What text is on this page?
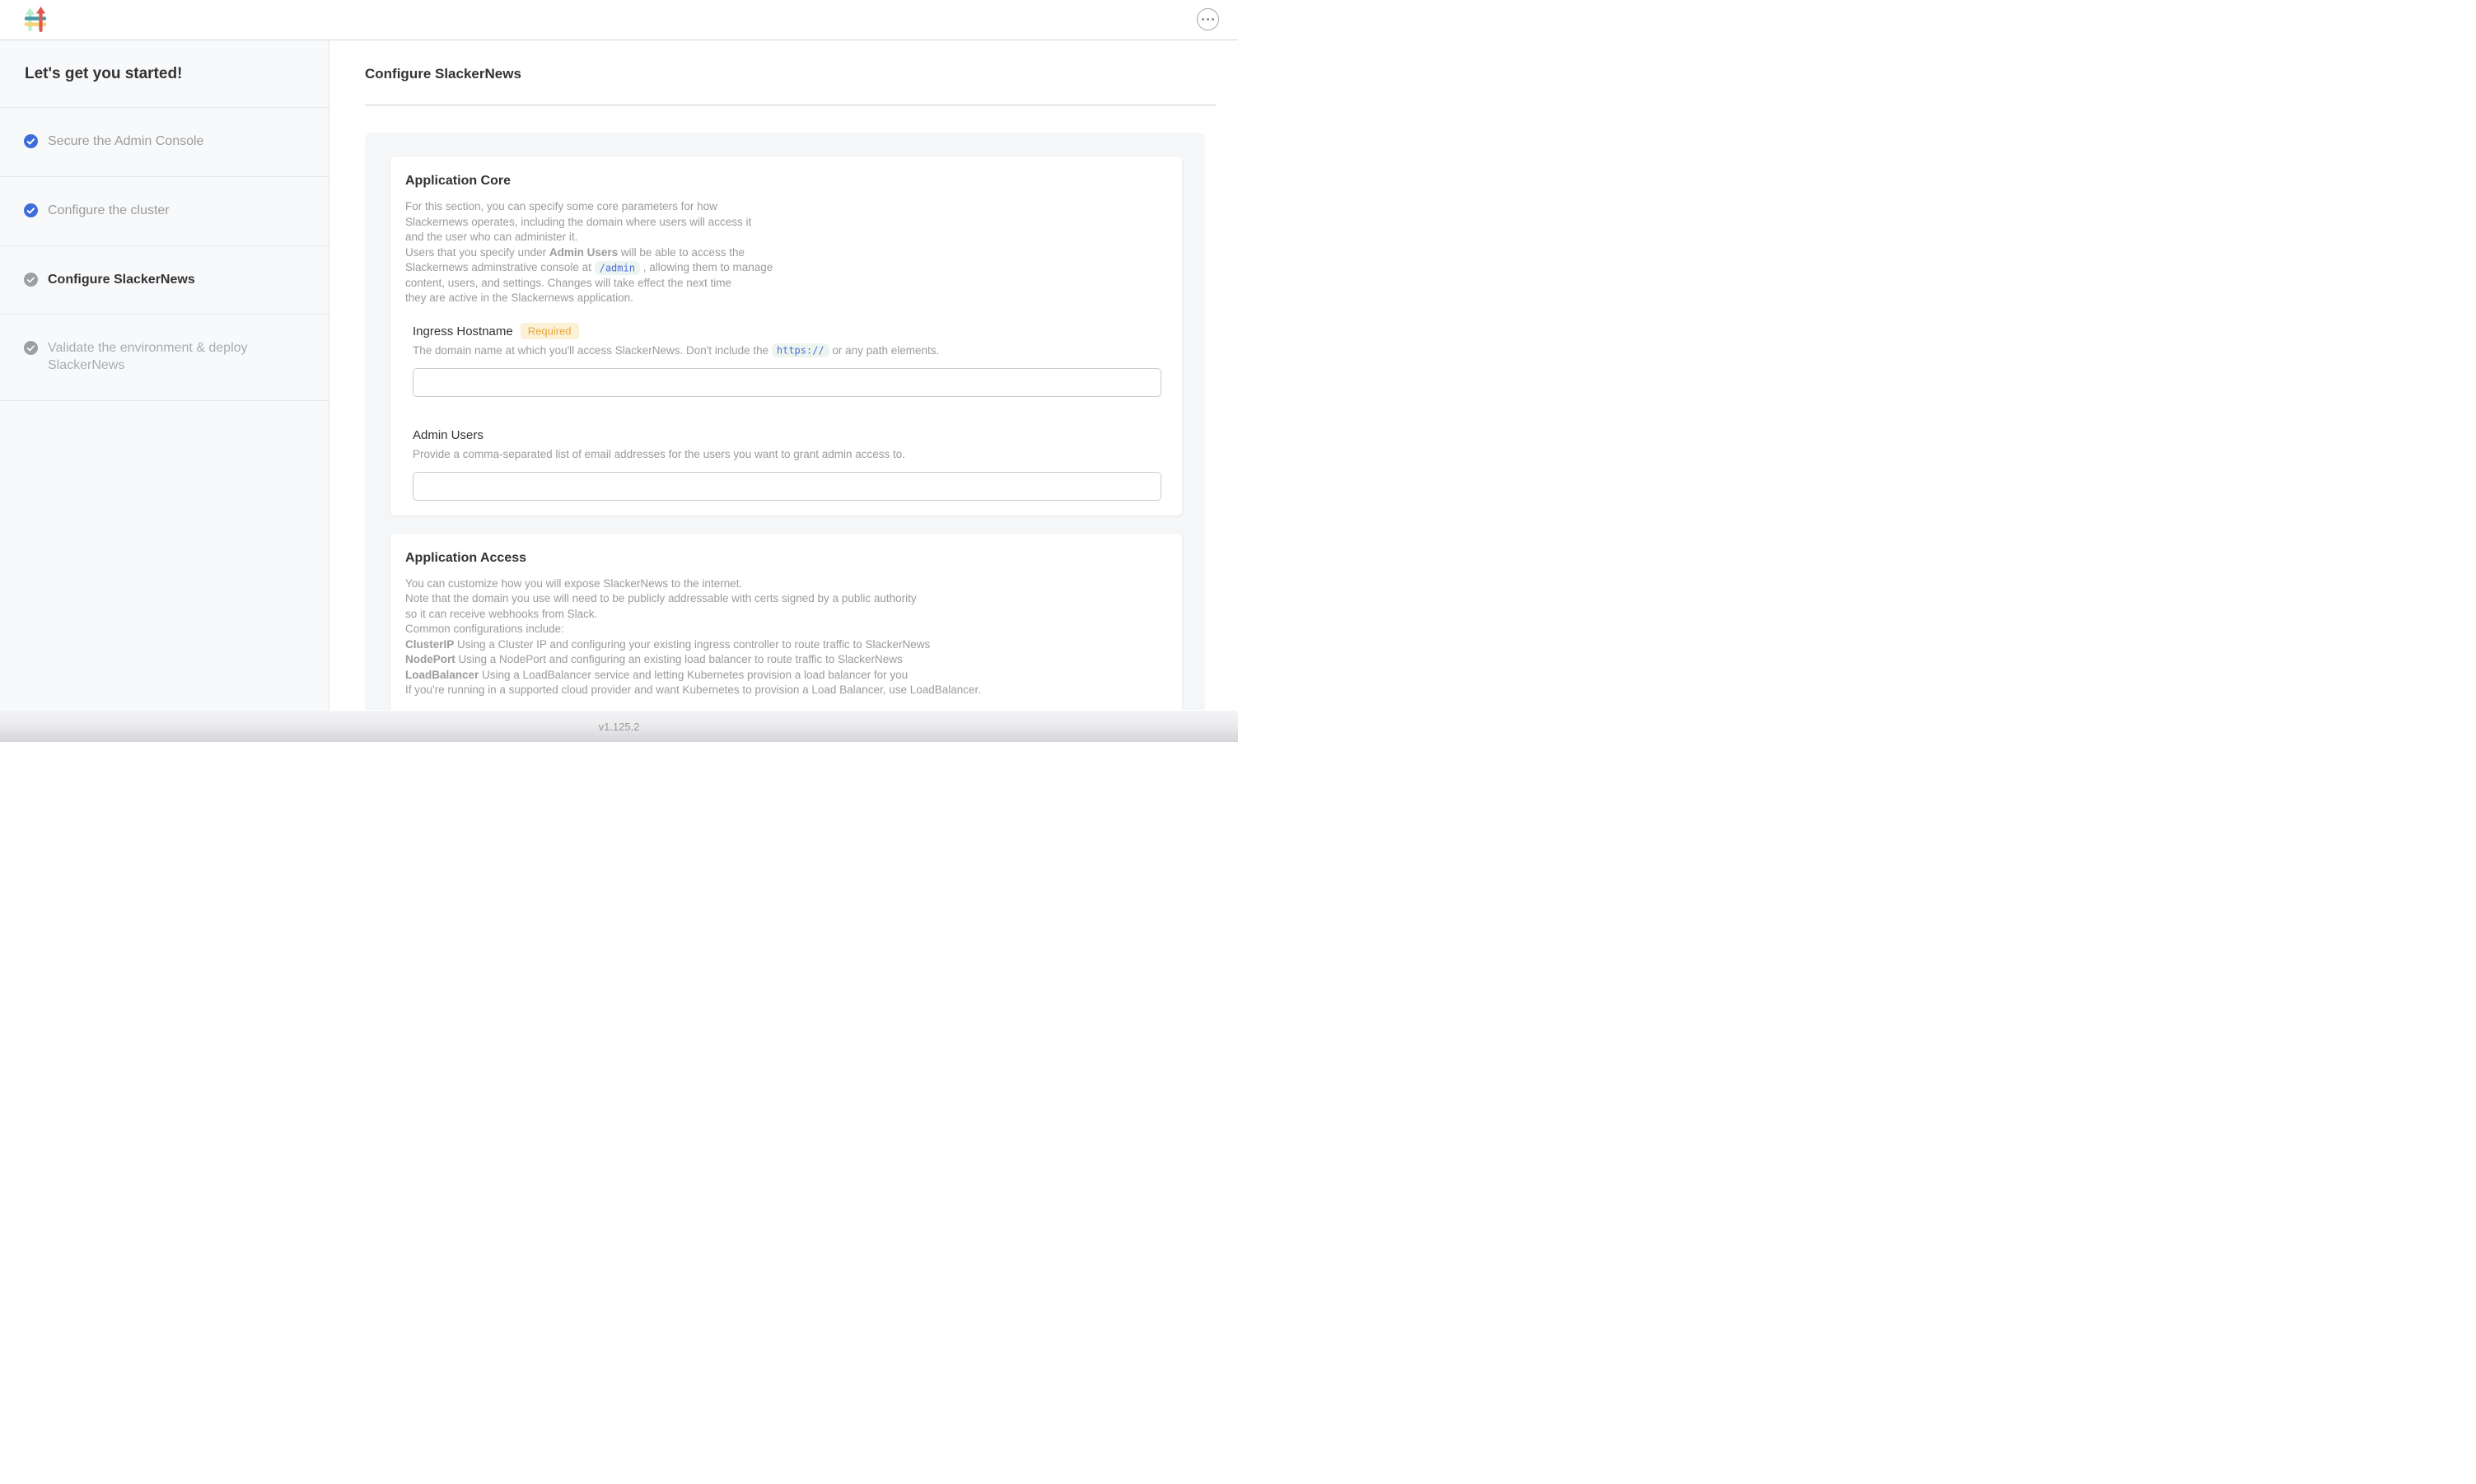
Let's get you started!
Secure the Admin Console
Configure the cluster
Configure SlackerNews
Validate the environment & deploy SlackerNews
Configure SlackerNews
Application Core
For this section, you can specify some core parameters for how
Slackernews operates, including the domain where users will access it
and the user who can administer it.
Users that you specify under Admin Users will be able to access the
Slackernews adminstrative console at /admin , allowing them to manage
content, users, and settings. Changes will take effect the next time
they are active in the Slackernews application.
Ingress Hostname Required
The domain name at which you'll access SlackerNews. Don't include the https:// or any path elements.
Admin Users
Provide a comma-separated list of email addresses for the users you want to grant admin access to.
Application Access
You can customize how you will expose SlackerNews to the internet.
Note that the domain you use will need to be publicly addressable with certs signed by a public authority
so it can receive webhooks from Slack.
Common configurations include:
ClusterIP Using a Cluster IP and configuring your existing ingress controller to route traffic to SlackerNews
NodePort Using a NodePort and configuring an existing load balancer to route traffic to SlackerNews
LoadBalancer Using a LoadBalancer service and letting Kubernetes provision a load balancer for you
If you're running in a supported cloud provider and want Kubernetes to provision a Load Balancer, use LoadBalancer.
v1.125.2
